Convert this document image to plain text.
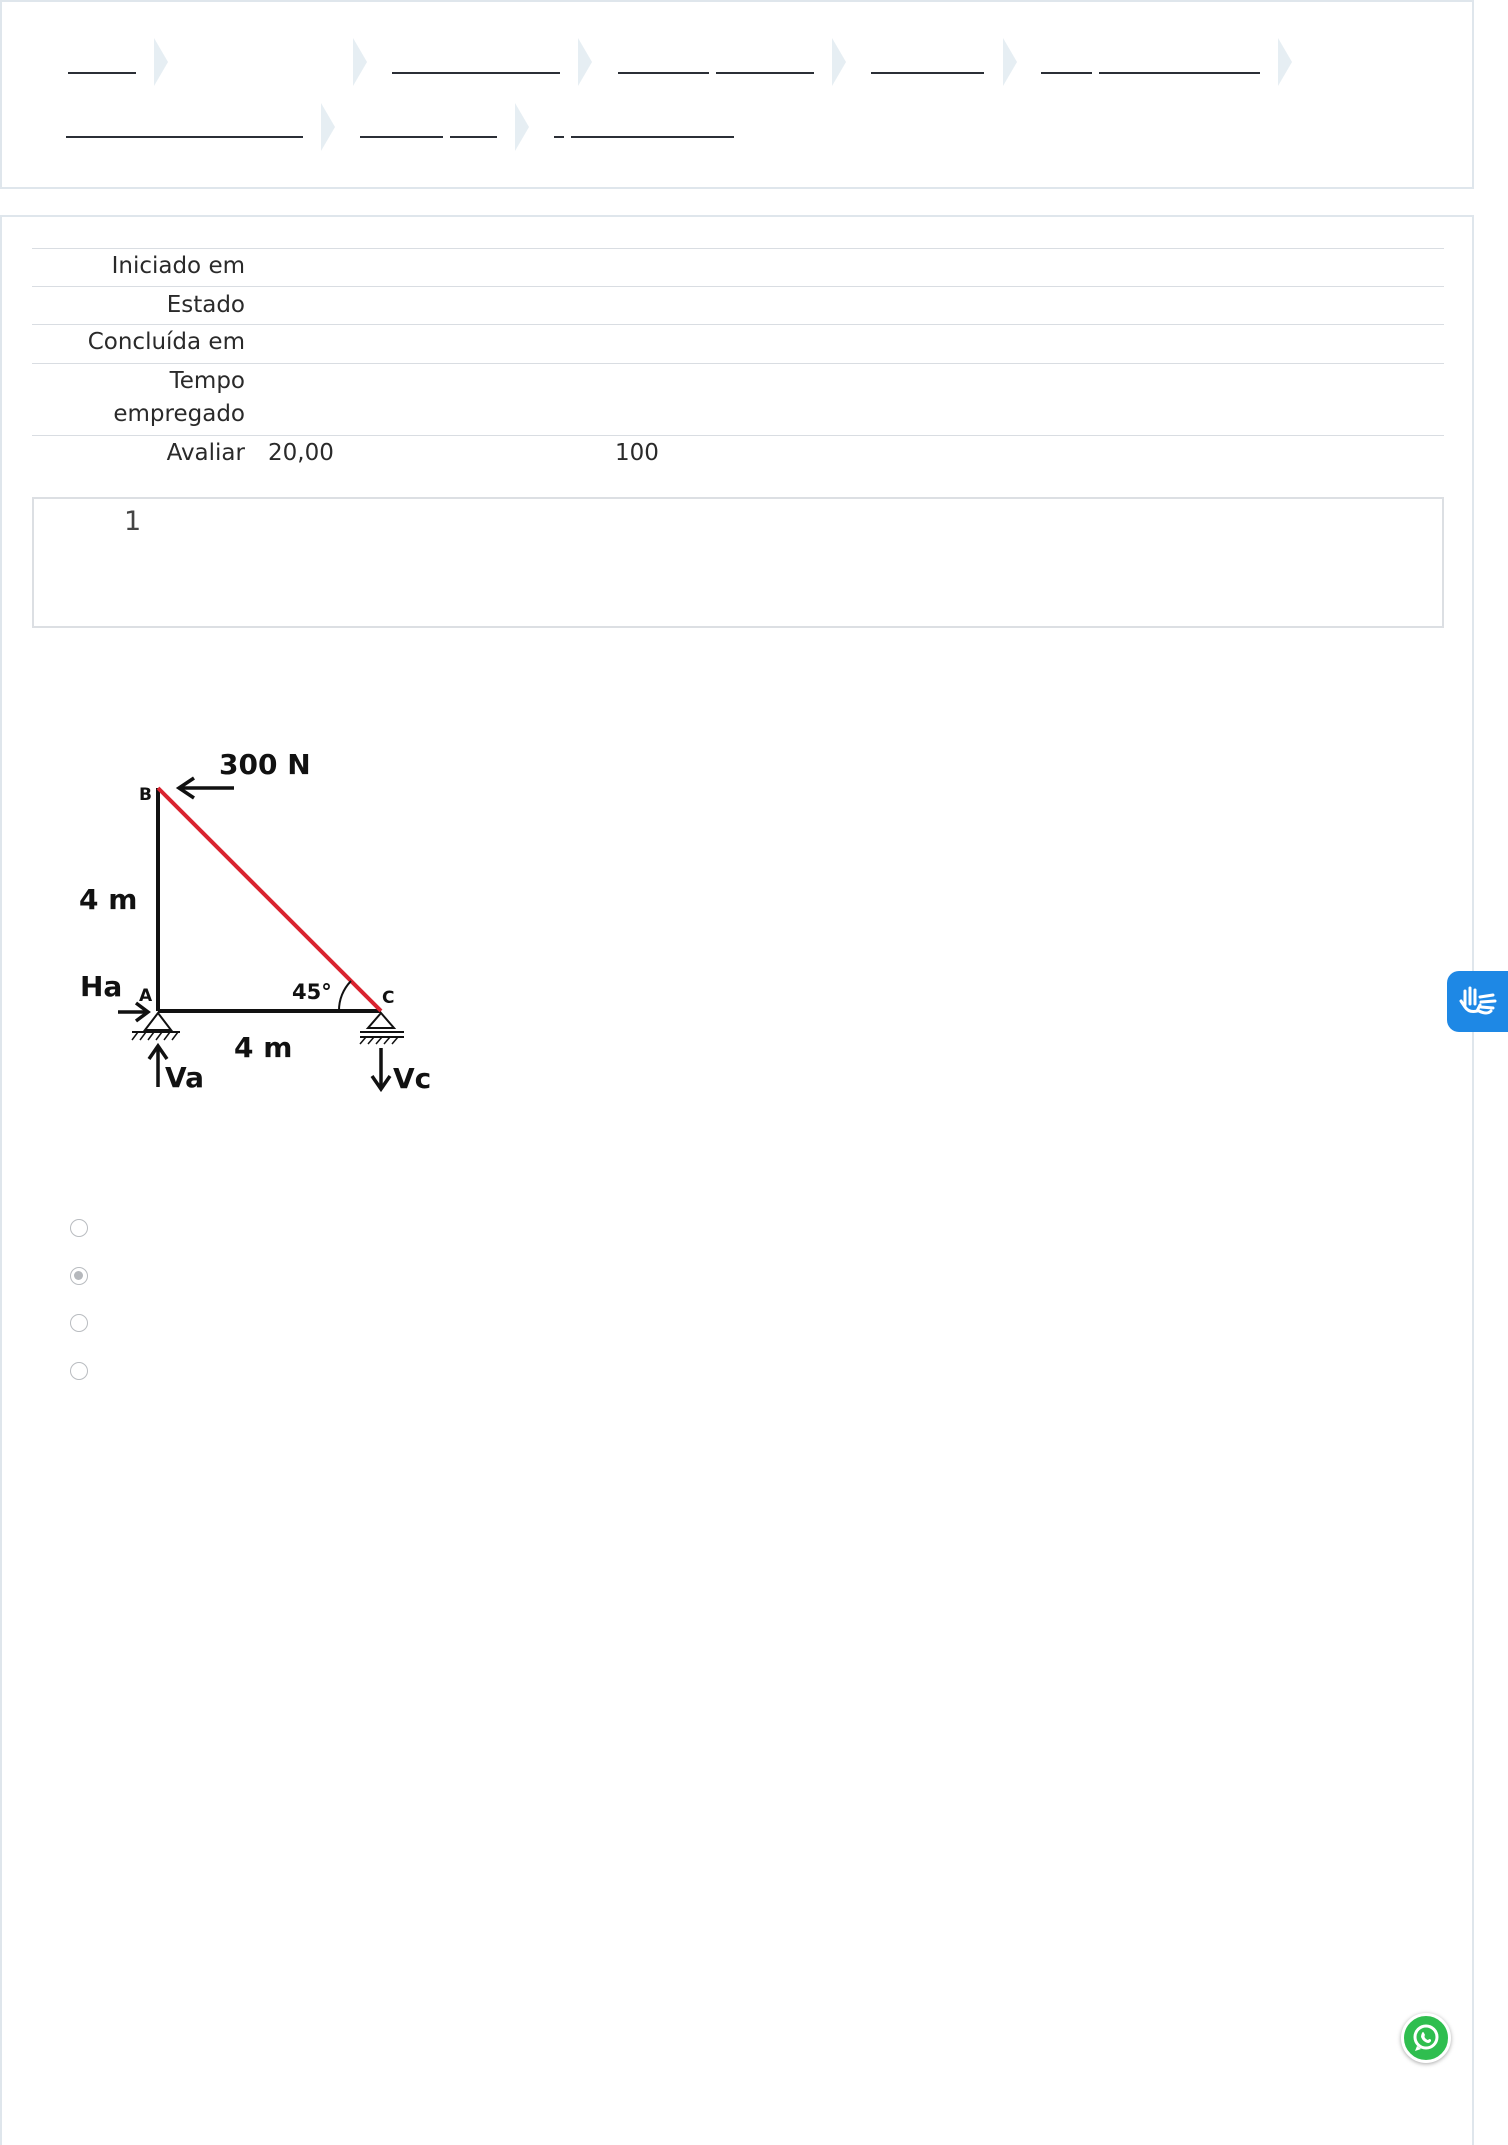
Iniciado em
Estado
Concluída em
Tempo
empregado
Avaliar 20,00	100
1
300 N
B
4 m
Ha A	45°	C
4 m
Va	Vc
